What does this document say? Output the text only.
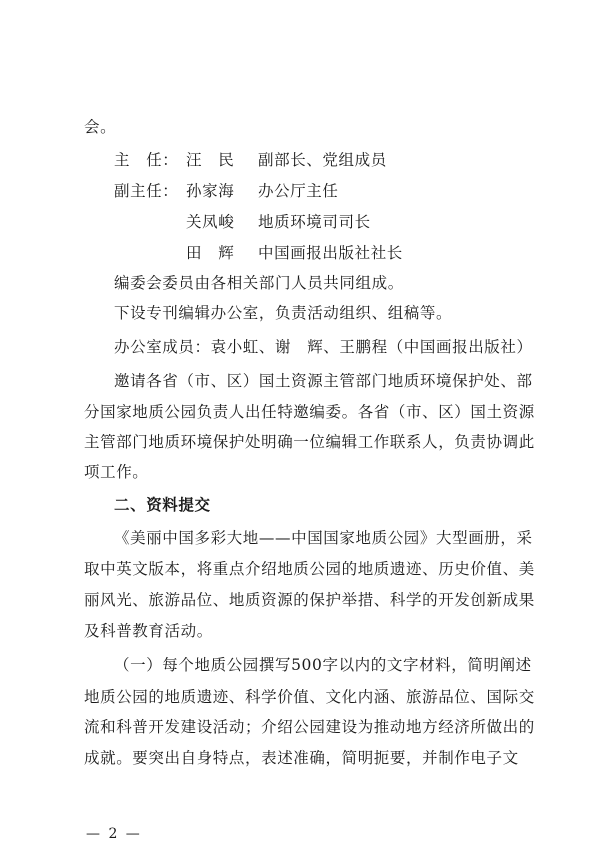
会。
主　任： 汪　民 副部长、党组成员
副主任： 孙家海 办公厅主任
关凤峻 地质环境司司长
田　辉 中国画报出版社社长
编委会委员由各相关部门人员共同组成。
下设专刊编辑办公室，负责活动组织、组稿等。
办公室成员：袁小虹、谢　辉、王鹏程（中国画报出版社）
邀请各省（市、区）国土资源主管部门地质环境保护处、部
分国家地质公园负责人出任特邀编委。各省（市、区）国土资源
主管部门地质环境保护处明确一位编辑工作联系人，负责协调此
项工作。
二、资料提交
《美丽中国多彩大地——中国国家地质公园》大型画册，采
取中英文版本，将重点介绍地质公园的地质遗迹、历史价值、美
丽风光、旅游品位、地质资源的保护举措、科学的开发创新成果
及科普教育活动。
（一）每个地质公园撰写500字以内的文字材料，简明阐述
地质公园的地质遗迹、科学价值、文化内涵、旅游品位、国际交
流和科普开发建设活动；介绍公园建设为推动地方经济所做出的
成就。要突出自身特点，表述准确，简明扼要，并制作电子文
— 2 —
